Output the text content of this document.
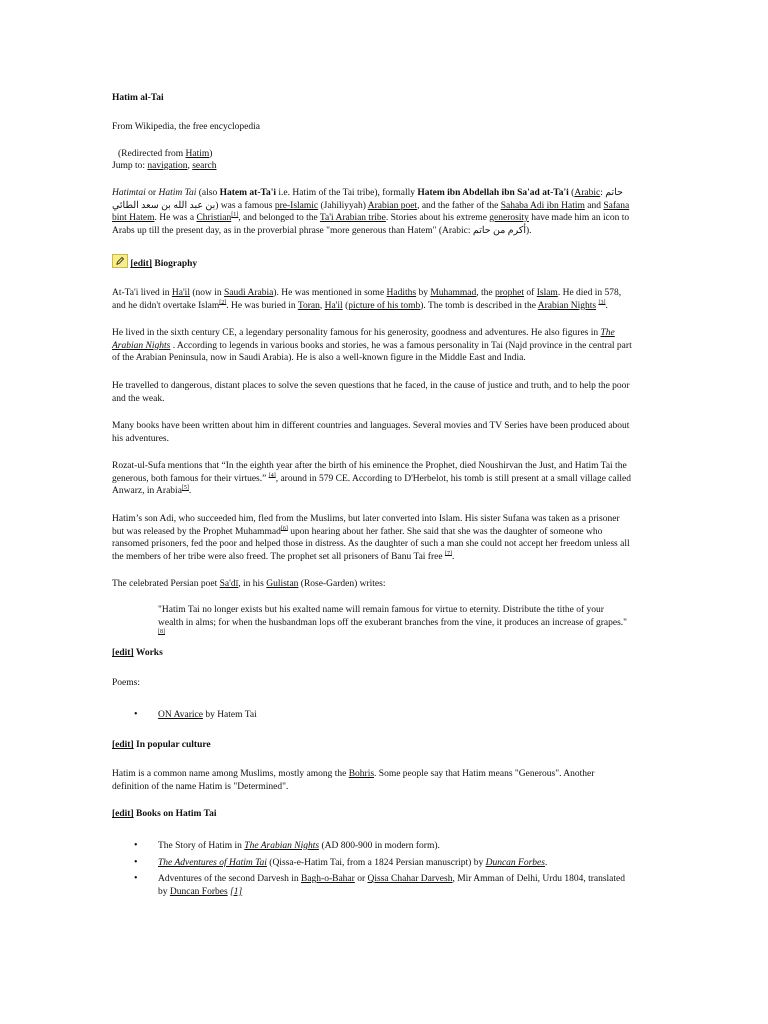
Hatim al-Tai

From Wikipedia, the free encyclopedia

(Redirected from Hatim)

Jump to: navigation, search

Hatimtai or Hatim Tai (also Hatem at-Ta'i i.e. Hatim of the Tai tribe), formally Hatem ibn Abdellah ibn Sa'ad at-Ta'i (Arabic: حاتم بن عبد الله بن سعد الطائي) was a famous pre-Islamic (Jahiliyyah) Arabian poet, and the father of the Sahaba Adi ibn Hatim and Safana bint Hatem. He was a Christian[1], and belonged to the Ta'i Arabian tribe. Stories about his extreme generosity have made him an icon to Arabs up till the present day, as in the proverbial phrase "more generous than Hatem" (Arabic: أكرم من حاتم).

[edit] Biography

At-Ta'i lived in Ha'il (now in Saudi Arabia). He was mentioned in some Hadiths by Muhammad, the prophet of Islam. He died in 578, and he didn't overtake Islam[2]. He was buried in Toran, Ha'il (picture of his tomb). The tomb is described in the Arabian Nights [3].

He lived in the sixth century CE, a legendary personality famous for his generosity, goodness and adventures. He also figures in The Arabian Nights . According to legends in various books and stories, he was a famous personality in Tai (Najd province in the central part of the Arabian Peninsula, now in Saudi Arabia). He is also a well-known figure in the Middle East and India.

He travelled to dangerous, distant places to solve the seven questions that he faced, in the cause of justice and truth, and to help the poor and the weak.

Many books have been written about him in different countries and languages. Several movies and TV Series have been produced about his adventures.

Rozat-ul-Sufa mentions that “In the eighth year after the birth of his eminence the Prophet, died Noushirvan the Just, and Hatim Tai the generous, both famous for their virtues.” [4], around in 579 CE. According to D'Herbelot, his tomb is still present at a small village called Anwarz, in Arabia[5].

Hatim’s son Adi, who succeeded him, fled from the Muslims, but later converted into Islam. His sister Sufana was taken as a prisoner but was released by the Prophet Muhammad[6] upon hearing about her father. She said that she was the daughter of someone who ransomed prisoners, fed the poor and helped those in distress. As the daughter of such a man she could not accept her freedom unless all the members of her tribe were also freed. The prophet set all prisoners of Banu Tai free [7].

The celebrated Persian poet Sa'dī, in his Gulistan (Rose-Garden) writes:

"Hatim Tai no longer exists but his exalted name will remain famous for virtue to eternity. Distribute the tithe of your wealth in alms; for when the husbandman lops off the exuberant branches from the vine, it produces an increase of grapes."[8]

[edit] Works

Poems:

• ON Avarice by Hatem Tai

[edit] In popular culture

Hatim is a common name among Muslims, mostly among the Bohris. Some people say that Hatim means "Generous". Another definition of the name Hatim is "Determined".

[edit] Books on Hatim Tai

• The Story of Hatim in The Arabian Nights (AD 800-900 in modern form).
• The Adventures of Hatim Tai (Qissa-e-Hatim Tai, from a 1824 Persian manuscript) by Duncan Forbes.
• Adventures of the second Darvesh in Bagh-o-Bahar or Qissa Chahar Darvesh, Mir Amman of Delhi, Urdu 1804, translated by Duncan Forbes [1]
